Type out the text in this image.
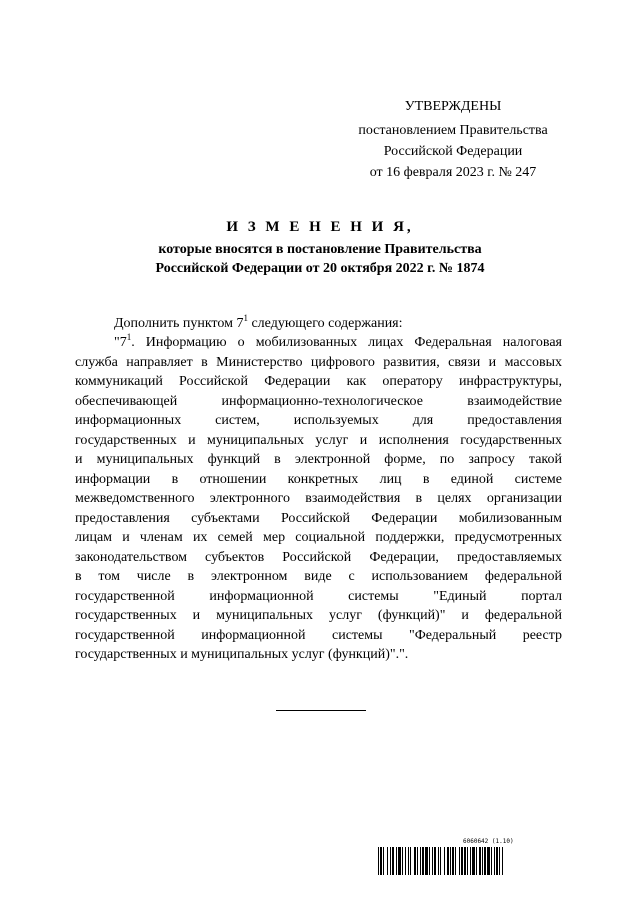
УТВЕРЖДЕНЫ
постановлением Правительства
Российской Федерации
от 16 февраля 2023 г. № 247
И З М Е Н Е Н И Я,
которые вносятся в постановление Правительства
Российской Федерации от 20 октября 2022 г. № 1874
Дополнить пунктом $7^1$ следующего содержания:
"$7^1$. Информацию о мобилизованных лицах Федеральная налоговая
служба направляет в Министерство цифрового развития, связи и массовых
коммуникаций Российской Федерации как оператору инфраструктуры,
обеспечивающей информационно-технологическое взаимодействие
информационных систем, используемых для предоставления
государственных и муниципальных услуг и исполнения государственных
и муниципальных функций в электронной форме, по запросу такой
информации в отношении конкретных лиц в единой системе
межведомственного электронного взаимодействия в целях организации
предоставления субъектами Российской Федерации мобилизованным
лицам и членам их семей мер социальной поддержки, предусмотренных
законодательством субъектов Российской Федерации, предоставляемых
в том числе в электронном виде с использованием федеральной
государственной информационной системы "Единый портал
государственных и муниципальных услуг (функций)" и федеральной
государственной информационной системы "Федеральный реестр
государственных и муниципальных услуг (функций)".".
6060642 (1.10)
